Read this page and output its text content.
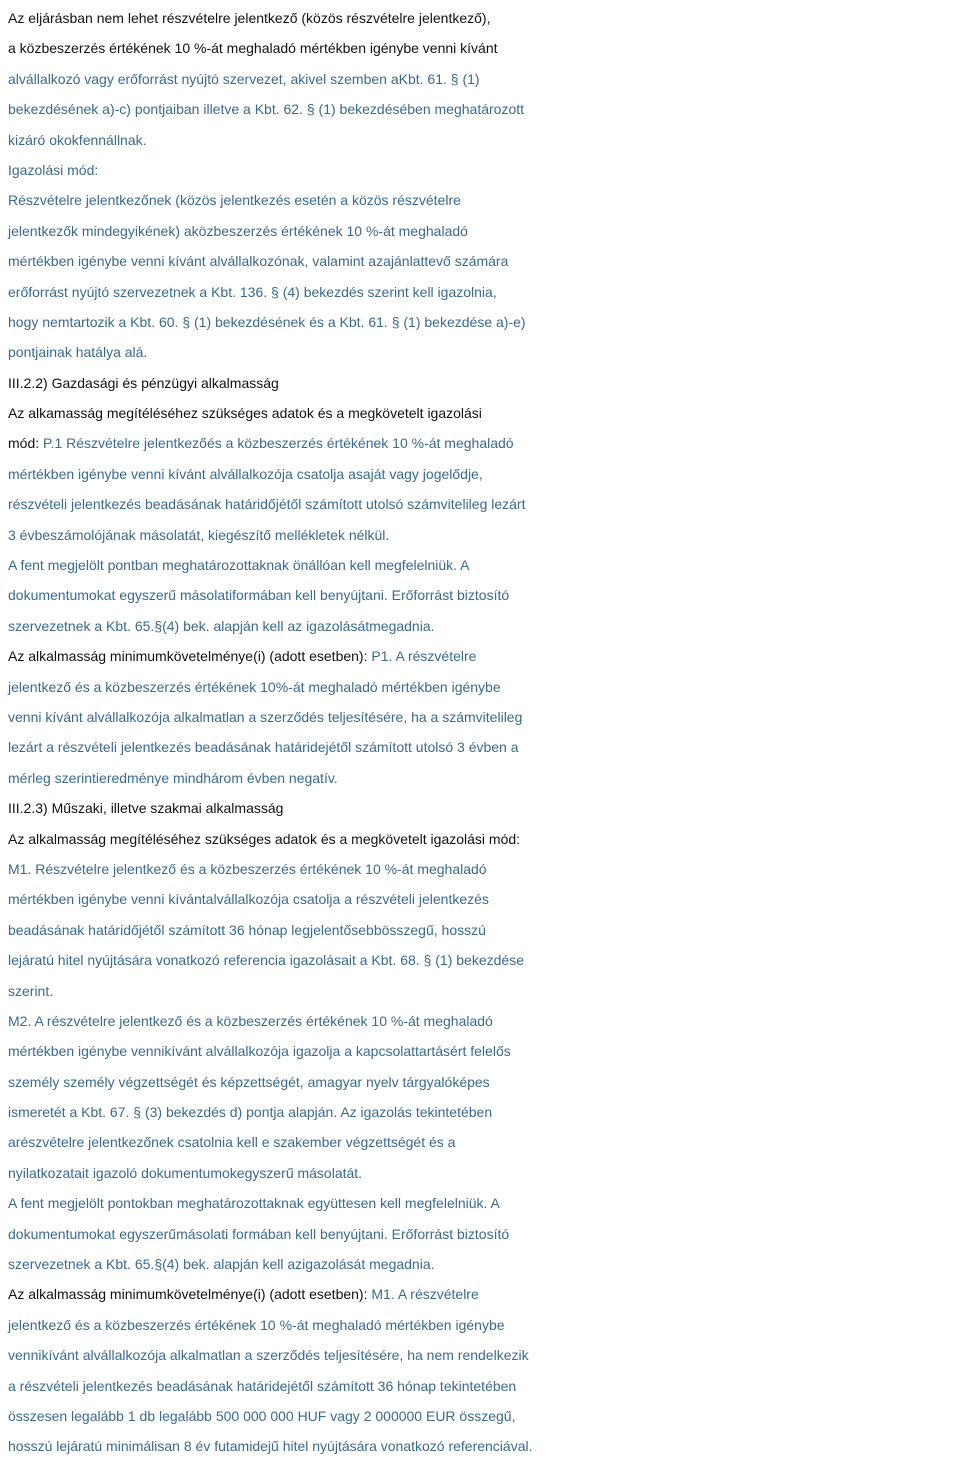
Az eljárásban nem lehet részvételre jelentkező (közös részvételre jelentkező),
a közbeszerzés értékének 10 %-át meghaladó mértékben igénybe venni kívánt
alvállalkozó vagy erőforrást nyújtó szervezet, akivel szemben aKbt. 61. § (1)
bekezdésének a)-c) pontjaiban illetve a Kbt. 62. § (1) bekezdésében meghatározott
kizáró okokfennállnak.
Igazolási mód:
Részvételre jelentkezőnek (közös jelentkezés esetén a közös részvételre
jelentkezők mindegyikének) aközbeszerzés értékének 10 %-át meghaladó
mértékben igénybe venni kívánt alvállalkozónak, valamint azajánlattevő számára
erőforrást nyújtó szervezetnek a Kbt. 136. § (4) bekezdés szerint kell igazolnia,
hogy nemtartozik a Kbt. 60. § (1) bekezdésének és a Kbt. 61. § (1) bekezdése a)-e)
pontjainak hatálya alá.
III.2.2) Gazdasági és pénzügyi alkalmasság
Az alkamasság megítéléséhez szükséges adatok és a megkövetelt igazolási
mód: P.1 Részvételre jelentkezőés a közbeszerzés értékének 10 %-át meghaladó
mértékben igénybe venni kívánt alvállalkozója csatolja asaját vagy jogelődje,
részvételi jelentkezés beadásának határidőjétől számított utolsó számvitelileg lezárt
3 évbeszámolójának másolatát, kiegészítő mellékletek nélkül.
A fent megjelölt pontban meghatározottaknak önállóan kell megfelelniük. A
dokumentumokat egyszerű másolatiformában kell benyújtani. Erőforrást biztosító
szervezetnek a Kbt. 65.§(4) bek. alapján kell az igazolásátmegadnia.
Az alkalmasság minimumkövetelménye(i) (adott esetben): P1. A részvételre
jelentkező és a közbeszerzés értékének 10%-át meghaladó mértékben igénybe
venni kívánt alvállalkozója alkalmatlan a szerződés teljesítésére, ha a számvitelileg
lezárt a részvételi jelentkezés beadásának határidejétől számított utolsó 3 évben a
mérleg szerintieredménye mindhárom évben negatív.
III.2.3) Műszaki, illetve szakmai alkalmasság
Az alkalmasság megítéléséhez szükséges adatok és a megkövetelt igazolási mód:
M1. Részvételre jelentkező és a közbeszerzés értékének 10 %-át meghaladó
mértékben igénybe venni kívántalvállalkozója csatolja a részvételi jelentkezés
beadásának határidőjétől számított 36 hónap legjelentősebbösszegű, hosszú
lejáratú hitel nyújtására vonatkozó referencia igazolásait a Kbt. 68. § (1) bekezdése
szerint.
M2. A részvételre jelentkező és a közbeszerzés értékének 10 %-át meghaladó
mértékben igénybe vennikívánt alvállalkozója igazolja a kapcsolattartásért felelős
személy személy végzettségét és képzettségét, amagyar nyelv tárgyalóképes
ismeretét a Kbt. 67. § (3) bekezdés d) pontja alapján. Az igazolás tekintetében
arészvételre jelentkezőnek csatolnia kell e szakember végzettségét és a
nyilatkozatait igazoló dokumentumokegyszerű másolatát.
A fent megjelölt pontokban meghatározottaknak együttesen kell megfelelniük. A
dokumentumokat egyszerűmásolati formában kell benyújtani. Erőforrást biztosító
szervezetnek a Kbt. 65.§(4) bek. alapján kell azigazolását megadnia.
Az alkalmasság minimumkövetelménye(i) (adott esetben): M1. A részvételre
jelentkező és a közbeszerzés értékének 10 %-át meghaladó mértékben igénybe
vennikívánt alvállalkozója alkalmatlan a szerződés teljesítésére, ha nem rendelkezik
a részvételi jelentkezés beadásának határidejétől számított 36 hónap tekintetében
összesen legalább 1 db legalább 500 000 000 HUF vagy 2 000000 EUR összegű,
hosszú lejáratú minimálisan 8 év futamidejű hitel nyújtására vonatkozó referenciával.
